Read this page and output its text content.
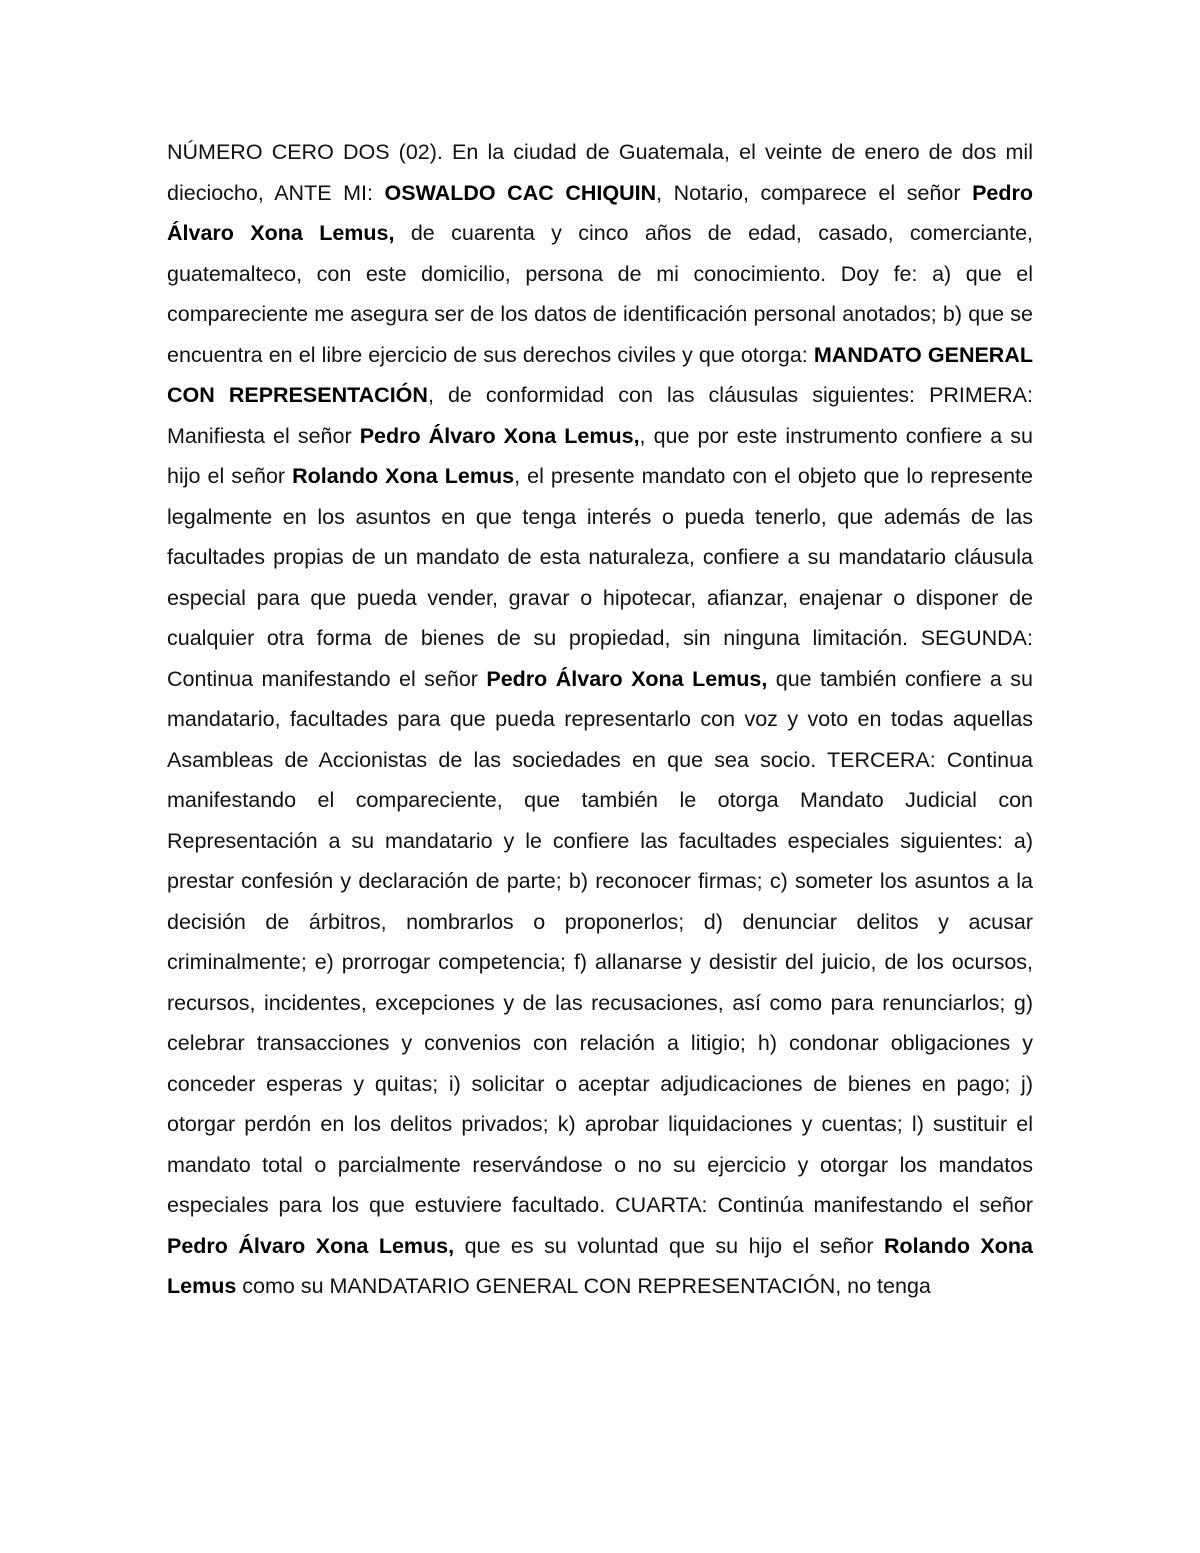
NÚMERO CERO DOS (02). En la ciudad de Guatemala, el veinte de enero de dos mil dieciocho, ANTE MI: OSWALDO CAC CHIQUIN, Notario, comparece el señor Pedro Álvaro Xona Lemus, de cuarenta y cinco años de edad, casado, comerciante, guatemalteco, con este domicilio, persona de mi conocimiento. Doy fe: a) que el compareciente me asegura ser de los datos de identificación personal anotados; b) que se encuentra en el libre ejercicio de sus derechos civiles y que otorga: MANDATO GENERAL CON REPRESENTACIÓN, de conformidad con las cláusulas siguientes: PRIMERA: Manifiesta el señor Pedro Álvaro Xona Lemus,, que por este instrumento confiere a su hijo el señor Rolando Xona Lemus, el presente mandato con el objeto que lo represente legalmente en los asuntos en que tenga interés o pueda tenerlo, que además de las facultades propias de un mandato de esta naturaleza, confiere a su mandatario cláusula especial para que pueda vender, gravar o hipotecar, afianzar, enajenar o disponer de cualquier otra forma de bienes de su propiedad, sin ninguna limitación. SEGUNDA: Continua manifestando el señor Pedro Álvaro Xona Lemus, que también confiere a su mandatario, facultades para que pueda representarlo con voz y voto en todas aquellas Asambleas de Accionistas de las sociedades en que sea socio. TERCERA: Continua manifestando el compareciente, que también le otorga Mandato Judicial con Representación a su mandatario y le confiere las facultades especiales siguientes: a) prestar confesión y declaración de parte; b) reconocer firmas; c) someter los asuntos a la decisión de árbitros, nombrarlos o proponerlos; d) denunciar delitos y acusar criminalmente; e) prorrogar competencia; f) allanarse y desistir del juicio, de los ocursos, recursos, incidentes, excepciones y de las recusaciones, así como para renunciarlos; g) celebrar transacciones y convenios con relación a litigio; h) condonar obligaciones y conceder esperas y quitas; i) solicitar o aceptar adjudicaciones de bienes en pago; j) otorgar perdón en los delitos privados; k) aprobar liquidaciones y cuentas; l) sustituir el mandato total o parcialmente reservándose o no su ejercicio y otorgar los mandatos especiales para los que estuviere facultado. CUARTA: Continúa manifestando el señor Pedro Álvaro Xona Lemus, que es su voluntad que su hijo el señor Rolando Xona Lemus como su MANDATARIO GENERAL CON REPRESENTACIÓN, no tenga
